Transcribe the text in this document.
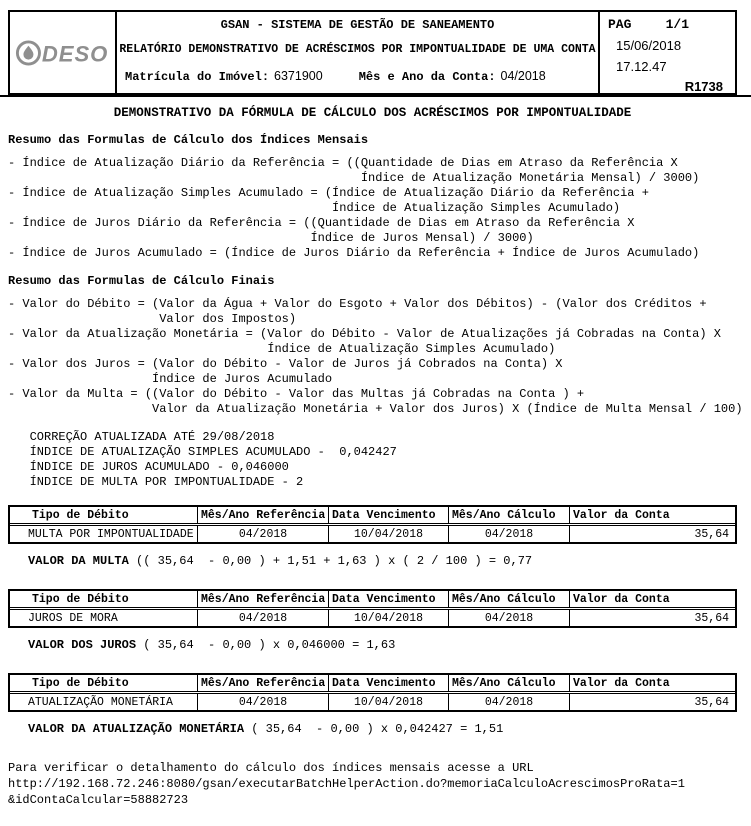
DESO
GSAN - SISTEMA DE GESTÃO DE SANEAMENTO
RELATÓRIO DEMONSTRATIVO DE ACRÉSCIMOS POR IMPONTUALIDADE DE UMA CONTA
Matrícula do Imóvel: 6371900	Mês e Ano da Conta: 04/2018
PAG	1/1
15/06/2018
17.12.47
R1738
DEMONSTRATIVO DA FÓRMULA DE CÁLCULO DOS ACRÉSCIMOS POR IMPONTUALIDADE
Resumo das Formulas de Cálculo dos Índices Mensais
- Índice de Atualização Diário da Referência = ((Quantidade de Dias em Atraso da Referência X
Índice de Atualização Monetária Mensal) / 3000)
- Índice de Atualização Simples Acumulado = (Índice de Atualização Diário da Referência +
Índice de Atualização Simples Acumulado)
- Índice de Juros Diário da Referência = ((Quantidade de Dias em Atraso da Referência X
Índice de Juros Mensal) / 3000)
- Índice de Juros Acumulado = (Índice de Juros Diário da Referência + Índice de Juros Acumulado)
Resumo das Formulas de Cálculo Finais
- Valor do Débito = (Valor da Água + Valor do Esgoto + Valor dos Débitos) - (Valor dos Créditos +
Valor dos Impostos)
- Valor da Atualização Monetária = (Valor do Débito - Valor de Atualizações já Cobradas na Conta) X
Índice de Atualização Simples Acumulado)
- Valor dos Juros = (Valor do Débito - Valor de Juros já Cobrados na Conta) X
Índice de Juros Acumulado
- Valor da Multa = ((Valor do Débito - Valor das Multas já Cobradas na Conta ) +
Valor da Atualização Monetária + Valor dos Juros) X (Índice de Multa Mensal / 100)
CORREÇÃO ATUALIZADA ATÉ 29/08/2018
ÍNDICE DE ATUALIZAÇÃO SIMPLES ACUMULADO -  0,042427
ÍNDICE DE JUROS ACUMULADO - 0,046000
ÍNDICE DE MULTA POR IMPONTUALIDADE - 2
Tipo de Débito	Mês/Ano Referência Data Vencimento	Mês/Ano Cálculo	Valor da Conta
MULTA POR IMPONTUALIDADE	04/2018	10/04/2018	04/2018	35,64
VALOR DA MULTA (( 35,64  - 0,00 ) + 1,51 + 1,63 ) x ( 2 / 100 ) = 0,77
Tipo de Débito	Mês/Ano Referência Data Vencimento	Mês/Ano Cálculo	Valor da Conta
JUROS DE MORA	04/2018	10/04/2018	04/2018	35,64
VALOR DOS JUROS ( 35,64  - 0,00 ) x 0,046000 = 1,63
Tipo de Débito	Mês/Ano Referência Data Vencimento	Mês/Ano Cálculo	Valor da Conta
ATUALIZAÇÃO MONETÁRIA	04/2018	10/04/2018	04/2018	35,64
VALOR DA ATUALIZAÇÃO MONETÁRIA ( 35,64  - 0,00 ) x 0,042427 = 1,51
Para verificar o detalhamento do cálculo dos índices mensais acesse a URL
http://192.168.72.246:8080/gsan/executarBatchHelperAction.do?memoriaCalculoAcrescimosProRata=1
&idContaCalcular=58882723
